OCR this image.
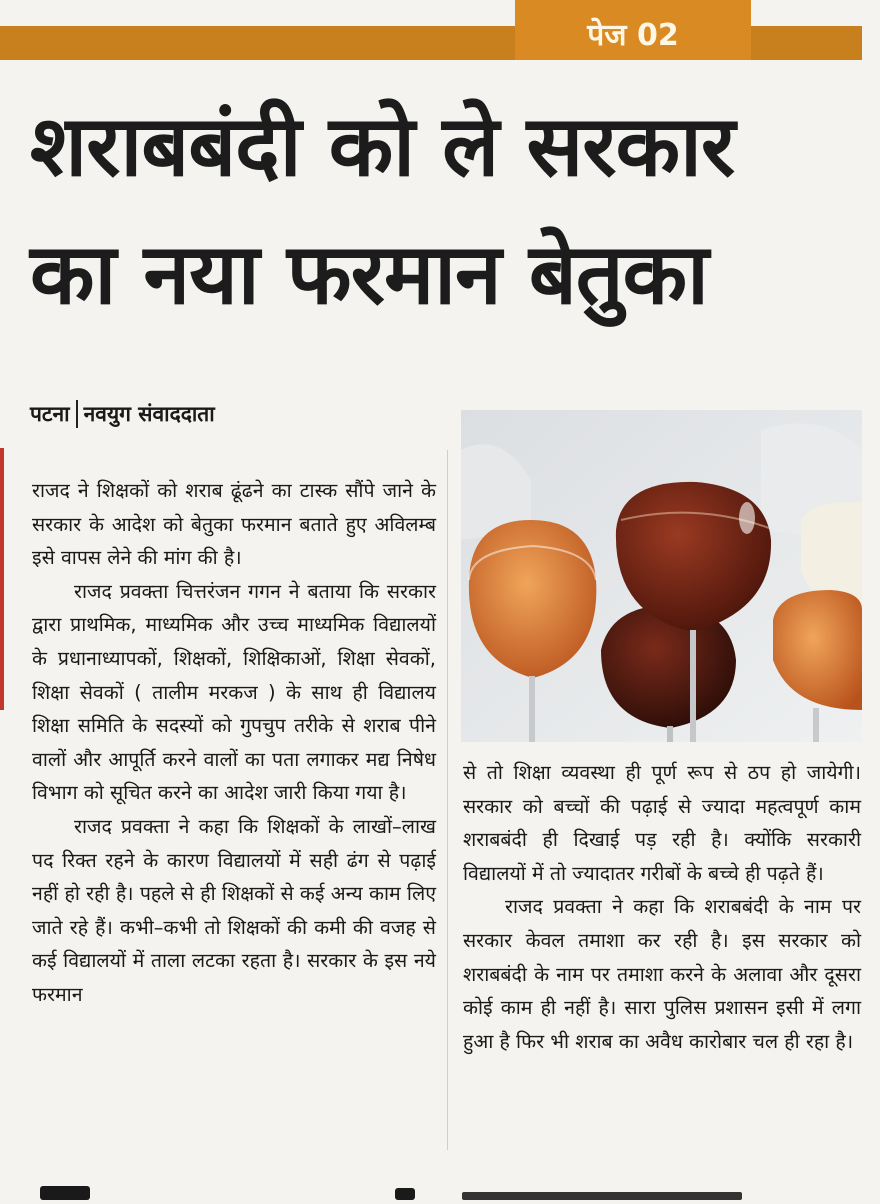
पेज 02
शराबबंदी को ले सरकार
का नया फरमान बेतुका
पटना नवयुग संवाददाता

राजद ने शिक्षकों को शराब ढूंढने का टास्क सौंपे जाने के सरकार के आदेश को बेतुका फरमान बताते हुए अविलम्ब इसे वापस लेने की मांग की है।

राजद प्रवक्ता चित्तरंजन गगन ने बताया कि सरकार द्वारा प्राथमिक, माध्यमिक और उच्च माध्यमिक विद्यालयों के प्रधानाध्यापकों, शिक्षकों, शिक्षिकाओं, शिक्षा सेवकों, शिक्षा सेवकों ( तालीम मरकज ) के साथ ही विद्यालय शिक्षा समिति के सदस्यों को गुपचुप तरीके से शराब पीने वालों और आपूर्ति करने वालों का पता लगाकर मद्य निषेध विभाग को सूचित करने का आदेश जारी किया गया है।

राजद प्रवक्ता ने कहा कि शिक्षकों के लाखों–लाख पद रिक्त रहने के कारण विद्यालयों में सही ढंग से पढ़ाई नहीं हो रही है। पहले से ही शिक्षकों से कई अन्य काम लिए जाते रहे हैं। कभी–कभी तो शिक्षकों की कमी की वजह से कई विद्यालयों में ताला लटका रहता है। सरकार के इस नये फरमान

से तो शिक्षा व्यवस्था ही पूर्ण रूप से ठप हो जायेगी। सरकार को बच्चों की पढ़ाई से ज्यादा महत्वपूर्ण काम शराबबंदी ही दिखाई पड़ रही है। क्योंकि सरकारी विद्यालयों में तो ज्यादातर गरीबों के बच्चे ही पढ़ते हैं।

राजद प्रवक्ता ने कहा कि शराबबंदी के नाम पर सरकार केवल तमाशा कर रही है। इस सरकार को शराबबंदी के नाम पर तमाशा करने के अलावा और दूसरा कोई काम ही नहीं है। सारा पुलिस प्रशासन इसी में लगा हुआ है फिर भी शराब का अवैध कारोबार चल ही रहा है।
